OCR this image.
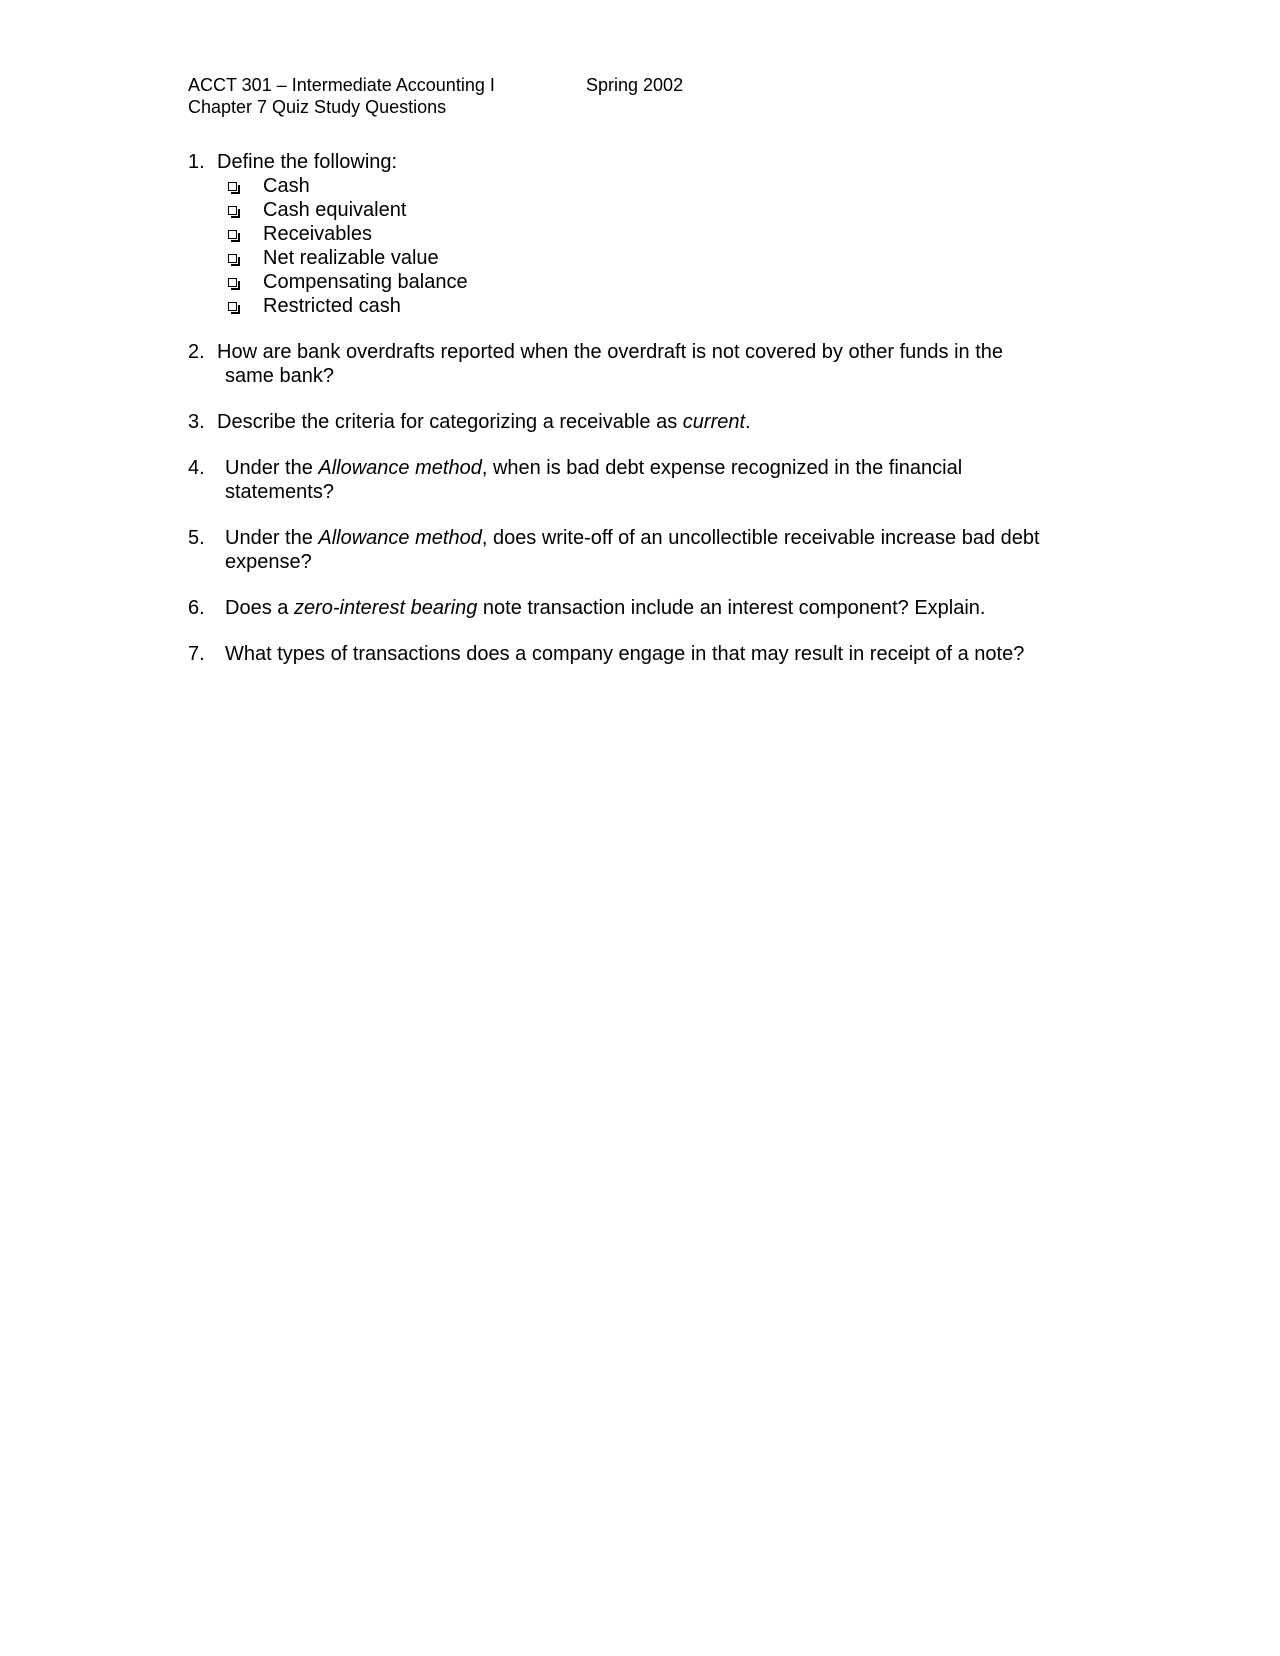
ACCT 301 – Intermediate Accounting I	Spring 2002
Chapter 7 Quiz Study Questions
1. Define the following:
Cash
Cash equivalent
Receivables
Net realizable value
Compensating balance
Restricted cash
2. How are bank overdrafts reported when the overdraft is not covered by other funds in the
same bank?
3. Describe the criteria for categorizing a receivable as current.
4. Under the Allowance method, when is bad debt expense recognized in the financial
statements?
5. Under the Allowance method, does write-off of an uncollectible receivable increase bad debt
expense?
6. Does a zero-interest bearing note transaction include an interest component? Explain.
7. What types of transactions does a company engage in that may result in receipt of a note?
